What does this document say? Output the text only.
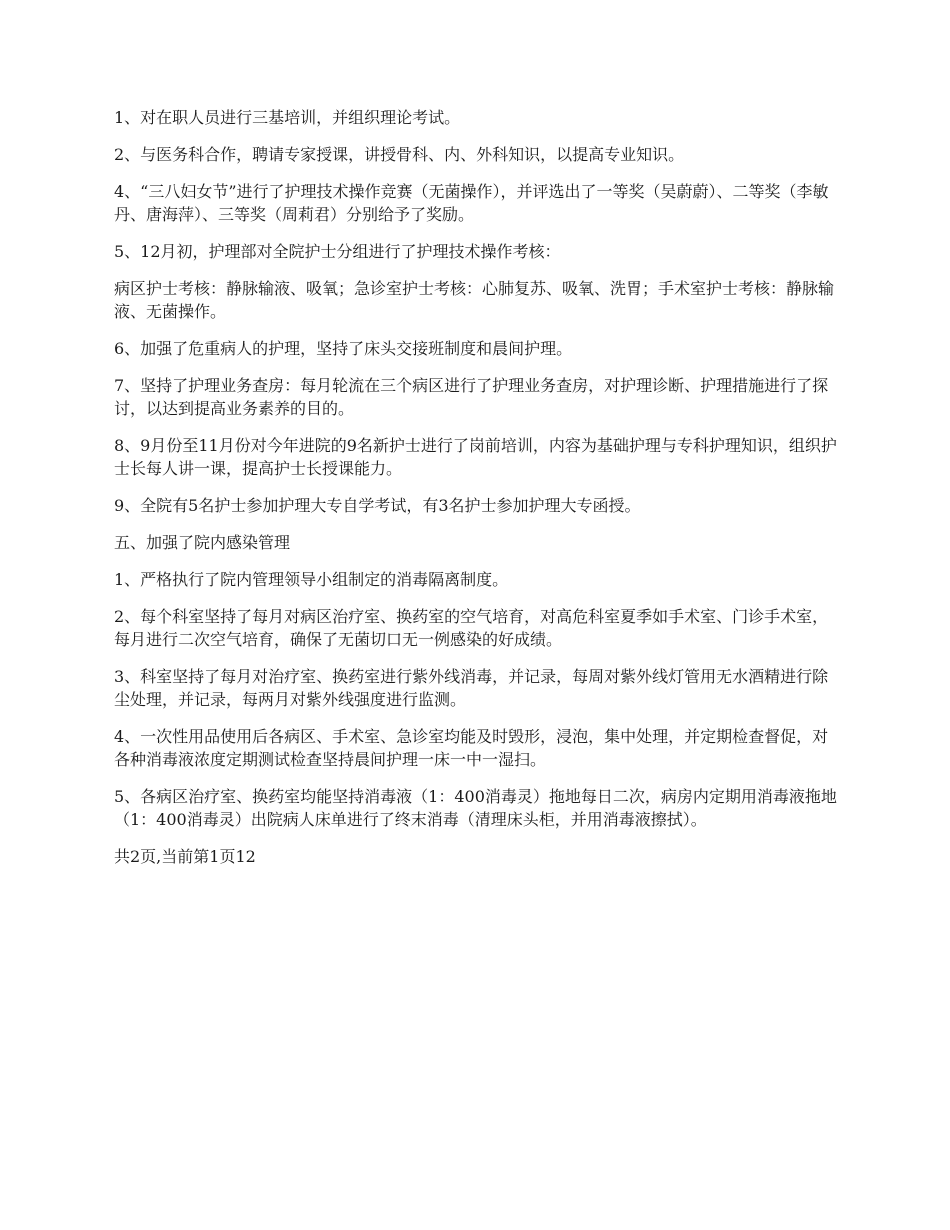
1、对在职人员进行三基培训，并组织理论考试。

2、与医务科合作，聘请专家授课，讲授骨科、内、外科知识，以提高专业知识。

4、“三八妇女节”进行了护理技术操作竞赛（无菌操作），并评选出了一等奖（吴蔚蔚）、二等奖（李敏丹、唐海萍）、三等奖（周莉君）分别给予了奖励。

5、12月初，护理部对全院护士分组进行了护理技术操作考核：

病区护士考核：静脉输液、吸氧；急诊室护士考核：心肺复苏、吸氧、洗胃；手术室护士考核：静脉输液、无菌操作。

6、加强了危重病人的护理，坚持了床头交接班制度和晨间护理。

7、坚持了护理业务查房：每月轮流在三个病区进行了护理业务查房，对护理诊断、护理措施进行了探讨，以达到提高业务素养的目的。

8、9月份至11月份对今年进院的9名新护士进行了岗前培训，内容为基础护理与专科护理知识，组织护士长每人讲一课，提高护士长授课能力。

9、全院有5名护士参加护理大专自学考试，有3名护士参加护理大专函授。

五、加强了院内感染管理

1、严格执行了院内管理领导小组制定的消毒隔离制度。

2、每个科室坚持了每月对病区治疗室、换药室的空气培育，对高危科室夏季如手术室、门诊手术室，每月进行二次空气培育，确保了无菌切口无一例感染的好成绩。

3、科室坚持了每月对治疗室、换药室进行紫外线消毒，并记录，每周对紫外线灯管用无水酒精进行除尘处理，并记录，每两月对紫外线强度进行监测。

4、一次性用品使用后各病区、手术室、急诊室均能及时毁形，浸泡，集中处理，并定期检查督促，对各种消毒液浓度定期测试检查坚持晨间护理一床一中一湿扫。

5、各病区治疗室、换药室均能坚持消毒液（1：400消毒灵）拖地每日二次，病房内定期用消毒液拖地（1：400消毒灵）出院病人床单进行了终末消毒（清理床头柜，并用消毒液擦拭）。

共2页,当前第1页12
